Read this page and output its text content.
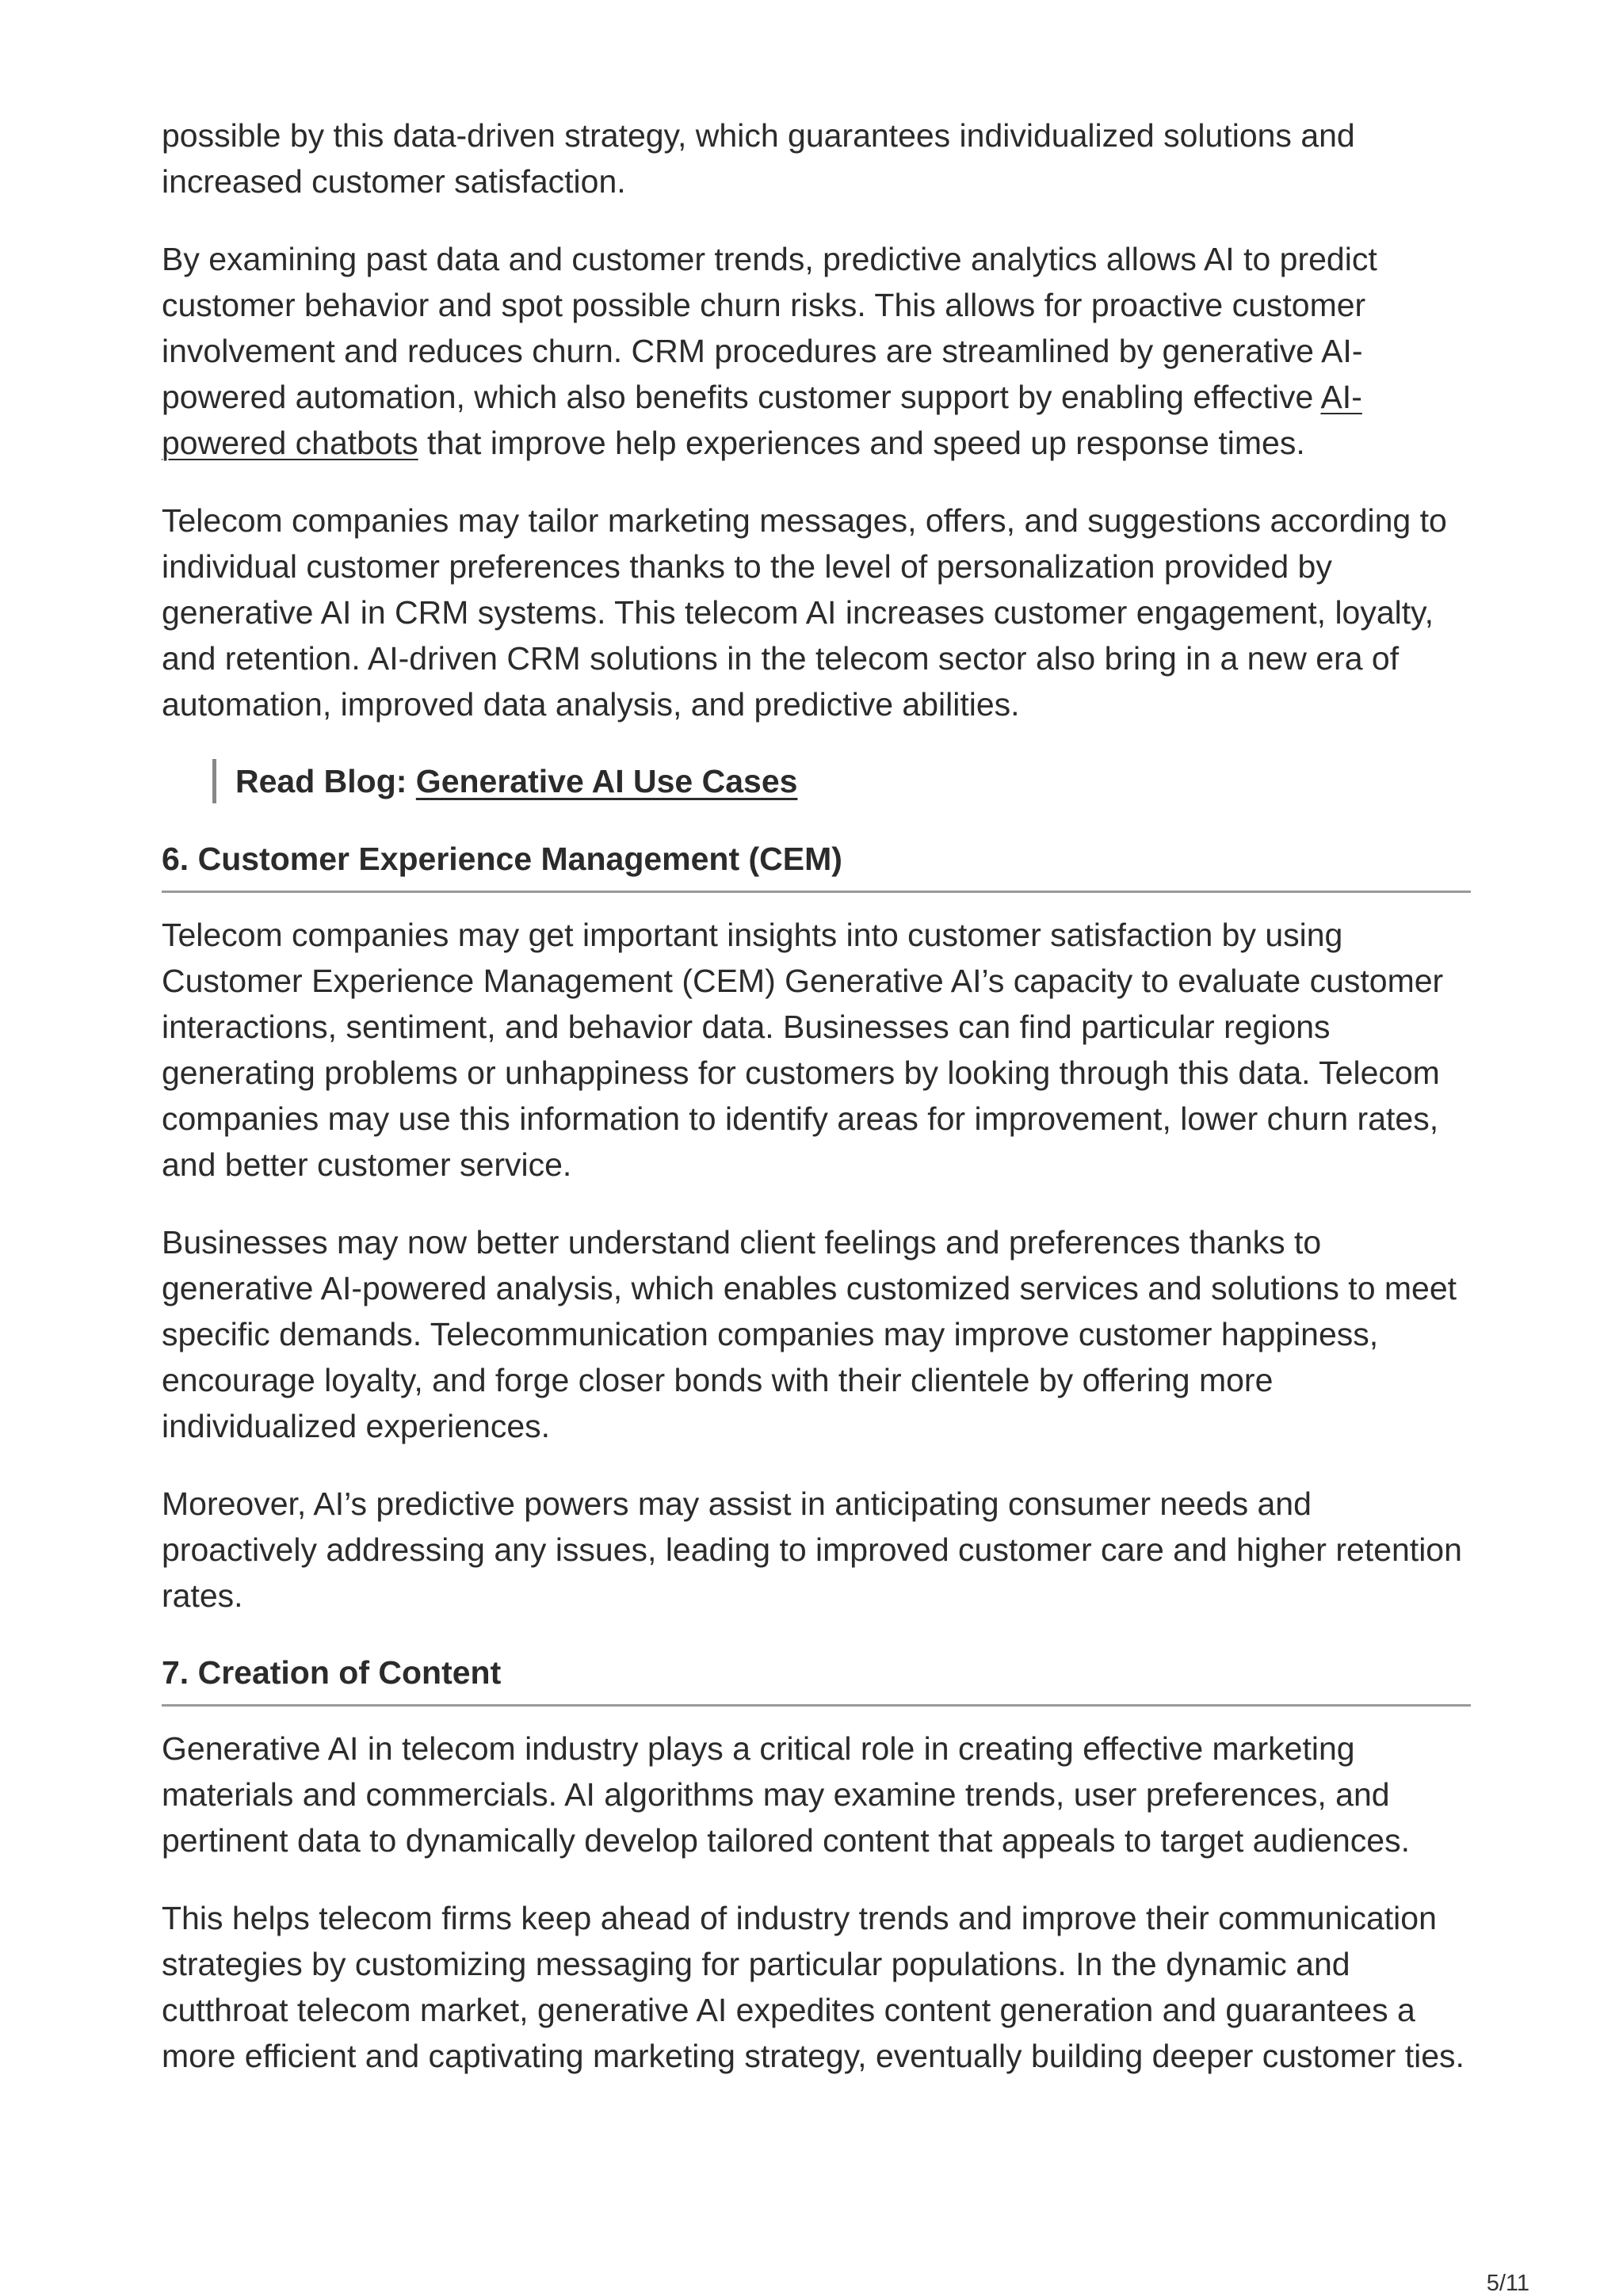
possible by this data-driven strategy, which guarantees individualized solutions and increased customer satisfaction.

By examining past data and customer trends, predictive analytics allows AI to predict customer behavior and spot possible churn risks. This allows for proactive customer involvement and reduces churn. CRM procedures are streamlined by generative AI-powered automation, which also benefits customer support by enabling effective AI-powered chatbots that improve help experiences and speed up response times.

Telecom companies may tailor marketing messages, offers, and suggestions according to individual customer preferences thanks to the level of personalization provided by generative AI in CRM systems. This telecom AI increases customer engagement, loyalty, and retention. AI-driven CRM solutions in the telecom sector also bring in a new era of automation, improved data analysis, and predictive abilities.

Read Blog: Generative AI Use Cases
6. Customer Experience Management (CEM)

Telecom companies may get important insights into customer satisfaction by using Customer Experience Management (CEM) Generative AI’s capacity to evaluate customer interactions, sentiment, and behavior data. Businesses can find particular regions generating problems or unhappiness for customers by looking through this data. Telecom companies may use this information to identify areas for improvement, lower churn rates, and better customer service.

Businesses may now better understand client feelings and preferences thanks to generative AI-powered analysis, which enables customized services and solutions to meet specific demands. Telecommunication companies may improve customer happiness, encourage loyalty, and forge closer bonds with their clientele by offering more individualized experiences.

Moreover, AI’s predictive powers may assist in anticipating consumer needs and proactively addressing any issues, leading to improved customer care and higher retention rates.

7. Creation of Content

Generative AI in telecom industry plays a critical role in creating effective marketing materials and commercials. AI algorithms may examine trends, user preferences, and pertinent data to dynamically develop tailored content that appeals to target audiences.

This helps telecom firms keep ahead of industry trends and improve their communication strategies by customizing messaging for particular populations. In the dynamic and cutthroat telecom market, generative AI expedites content generation and guarantees a more efficient and captivating marketing strategy, eventually building deeper customer ties.

5/11
